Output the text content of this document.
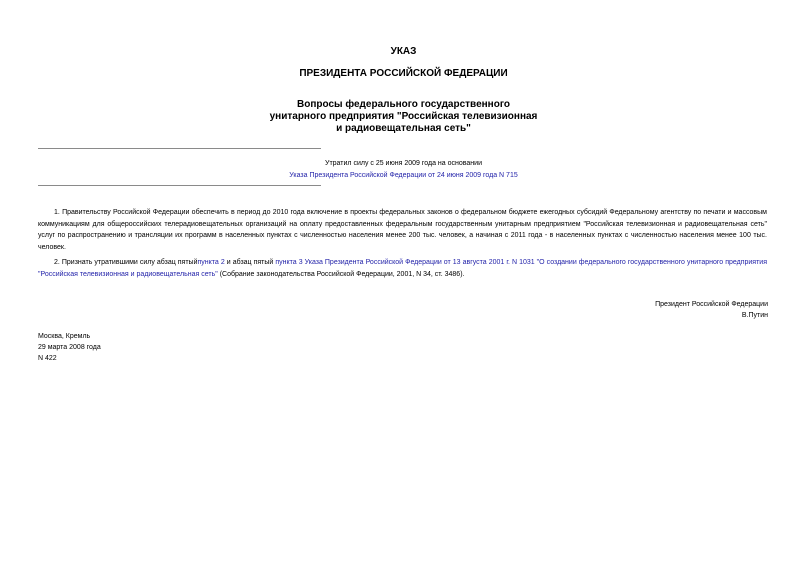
УКАЗ
ПРЕЗИДЕНТА РОССИЙСКОЙ ФЕДЕРАЦИИ
Вопросы федерального государственного
унитарного предприятия "Российская телевизионная
и радиовещательная сеть"
Утратил силу с 25 июня 2009 года на основании
Указа Президента Российской Федерации от 24 июня 2009 года N 715
1. Правительству Российской Федерации обеспечить в период до 2010 года включение в проекты федеральных законов о федеральном бюджете ежегодных субсидий Федеральному агентству по печати и массовым коммуникациям для общероссийских телерадиовещательных организаций на оплату предоставленных федеральным государственным унитарным предприятием "Российская телевизионная и радиовещательная сеть" услуг по распространению и трансляции их программ в населенных пунктах с численностью населения менее 200 тыс. человек, а начиная с 2011 года - в населенных пунктах с численностью населения менее 100 тыс. человек.
2. Признать утратившими силу абзац пятыйпункта 2 и абзац пятый пункта 3 Указа Президента Российской Федерации от 13 августа 2001 г. N 1031 "О создании федерального государственного унитарного предприятия "Российская телевизионная и радиовещательная сеть" (Собрание законодательства Российской Федерации, 2001, N 34, ст. 3486).
Президент Российской Федерации
В.Путин
Москва, Кремль
29 марта 2008 года
N 422
